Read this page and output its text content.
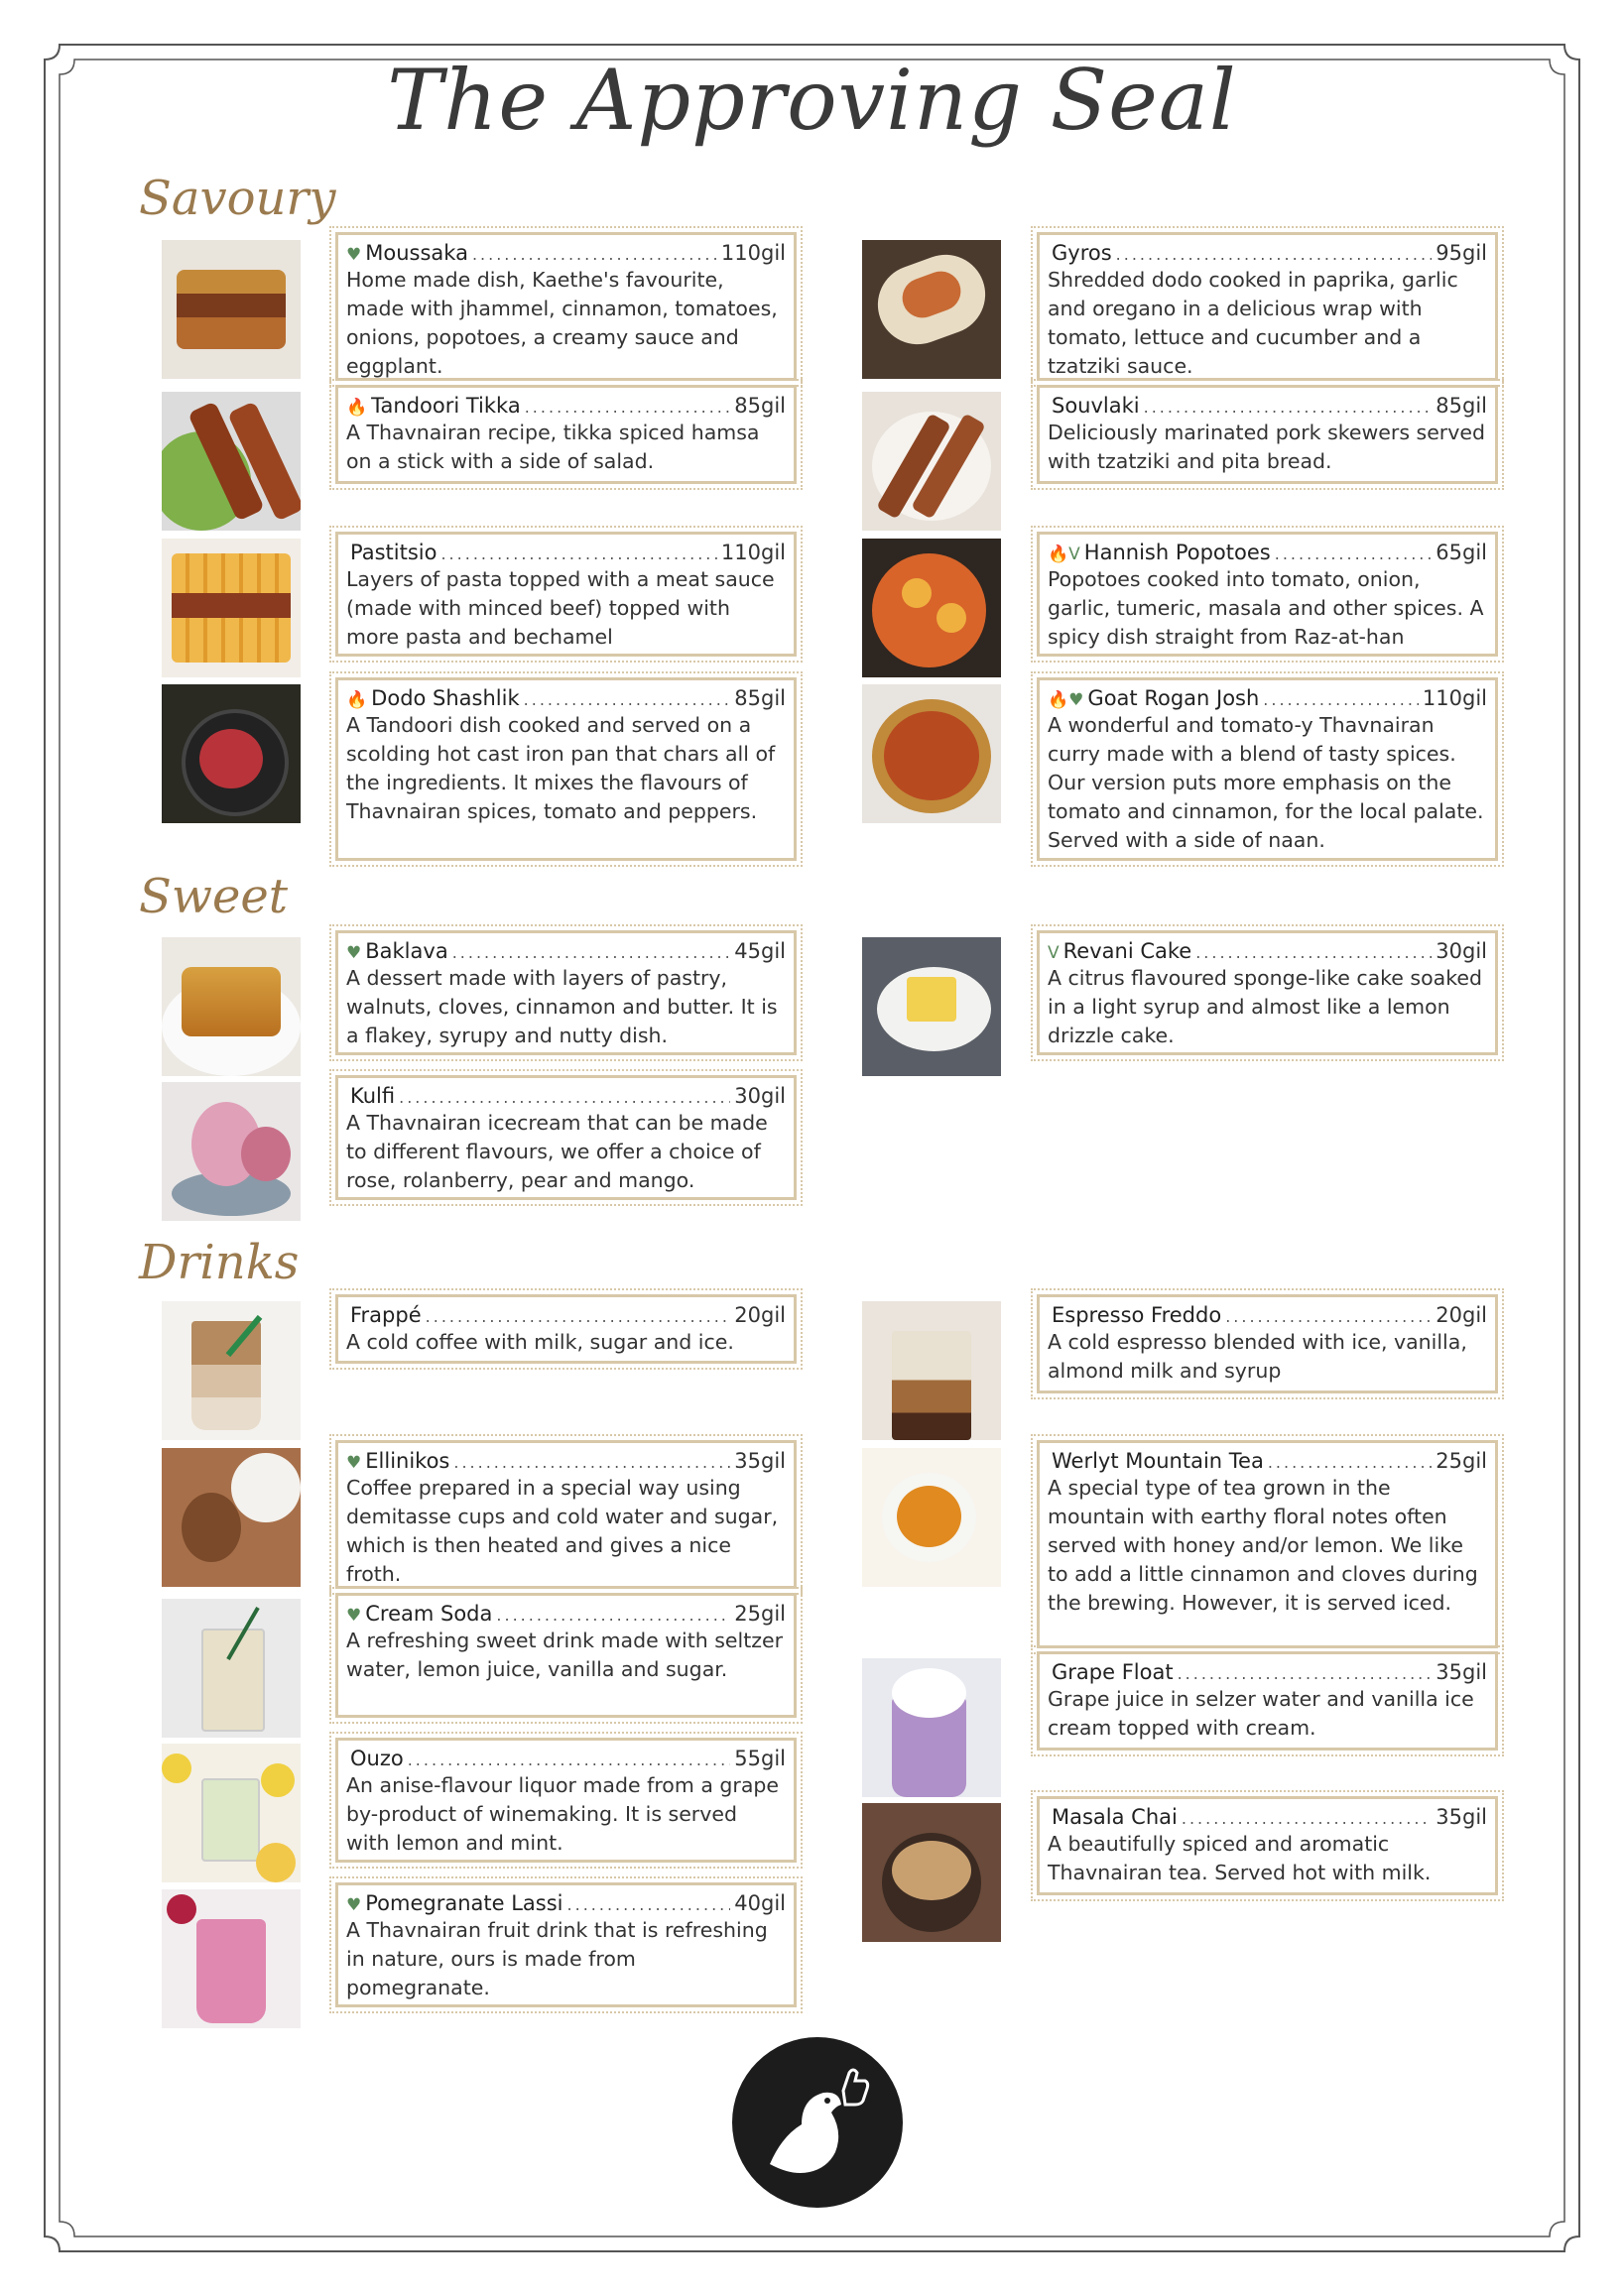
The Approving Seal
Savoury
Sweet
Drinks
♥ Moussaka .....	110gil
Home made dish, Kaethe's favourite, made with jhammel, cinnamon, tomatoes, onions, popotoes, a creamy sauce and eggplant.
🔥 Tandoori Tikka .....	85gil
A Thavnairan recipe, tikka spiced hamsa on a stick with a side of salad.
Pastitsio .....	110gil
Layers of pasta topped with a meat sauce (made with minced beef) topped with more pasta and bechamel
🔥 Dodo Shashlik .....	85gil
A Tandoori dish cooked and served on a scolding hot cast iron pan that chars all of the ingredients. It mixes the flavours of Thavnairan spices, tomato and peppers.
Gyros .....	95gil
Shredded dodo cooked in paprika, garlic and oregano in a delicious wrap with tomato, lettuce and cucumber and a tzatziki sauce.
Souvlaki .....	85gil
Deliciously marinated pork skewers served with tzatziki and pita bread.
🔥V Hannish Popotoes .....	65gil
Popotoes cooked into tomato, onion, garlic, tumeric, masala and other spices. A spicy dish straight from Raz-at-han
🔥♥ Goat Rogan Josh .....	110gil
A wonderful and tomato-y Thavnairan curry made with a blend of tasty spices. Our version puts more emphasis on the tomato and cinnamon, for the local palate. Served with a side of naan.
♥ Baklava .....	45gil
A dessert made with layers of pastry, walnuts, cloves, cinnamon and butter. It is a flakey, syrupy and nutty dish.
Kulfi .....	30gil
A Thavnairan icecream that can be made to different flavours, we offer a choice of rose, rolanberry, pear and mango.
V Revani Cake .....	30gil
A citrus flavoured sponge-like cake soaked in a light syrup and almost like a lemon drizzle cake.
Frappé .....	20gil
A cold coffee with milk, sugar and ice.
♥ Ellinikos .....	35gil
Coffee prepared in a special way using demitasse cups and cold water and sugar, which is then heated and gives a nice froth.
♥ Cream Soda .....	25gil
A refreshing sweet drink made with seltzer water, lemon juice, vanilla and sugar.
Ouzo .....	55gil
An anise-flavour liquor made from a grape by-product of winemaking. It is served with lemon and mint.
♥ Pomegranate Lassi .....	40gil
A Thavnairan fruit drink that is refreshing in nature, ours is made from pomegranate.
Espresso Freddo .....	20gil
A cold espresso blended with ice, vanilla, almond milk and syrup
Werlyt Mountain Tea .....	25gil
A special type of tea grown in the mountain with earthy floral notes often served with honey and/or lemon. We like to add a little cinnamon and cloves during the brewing. However, it is served iced.
Grape Float .....	35gil
Grape juice in selzer water and vanilla ice cream topped with cream.
Masala Chai .....	35gil
A beautifully spiced and aromatic Thavnairan tea. Served hot with milk.
